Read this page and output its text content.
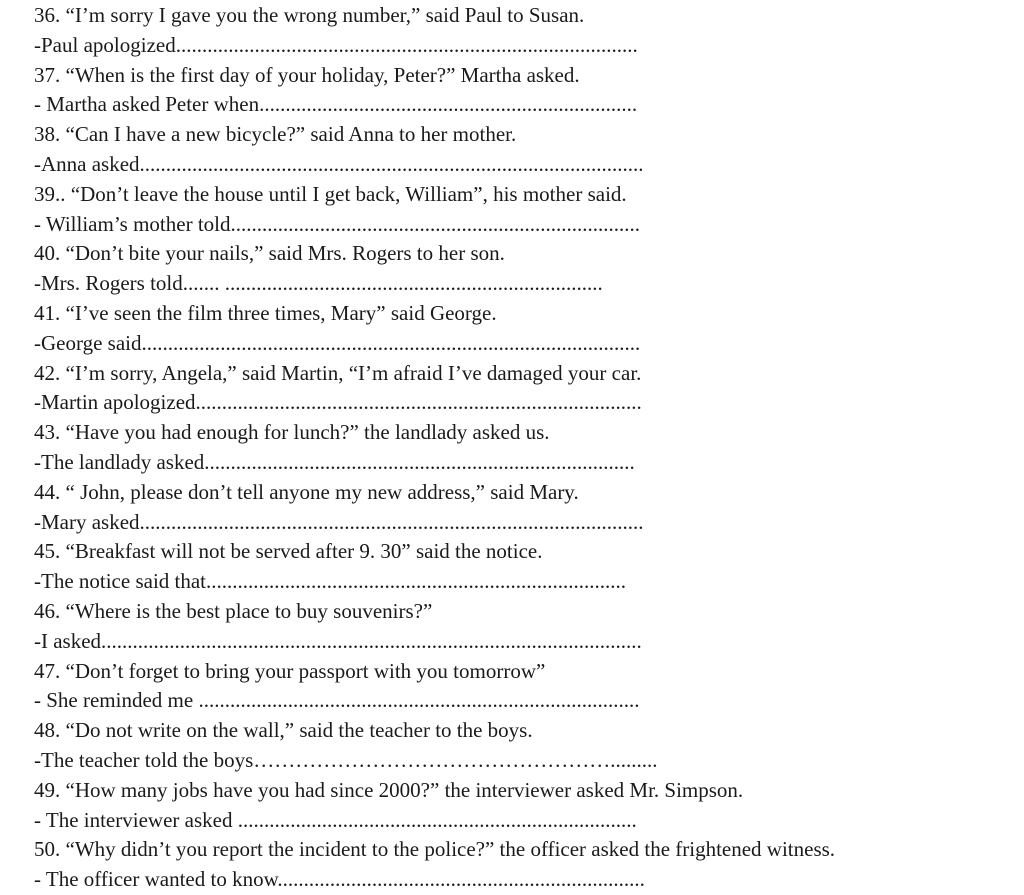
36. “I’m sorry I gave you the wrong number,” said Paul to Susan.
-Paul apologized........................................................................................
37. “When is the first day of your holiday, Peter?” Martha asked.
- Martha asked Peter when........................................................................
38. “Can I have a new bicycle?” said Anna to her mother.
-Anna asked................................................................................................
39.. “Don’t leave the house until I get back, William”, his mother said.
- William’s mother told..............................................................................
40. “Don’t bite your nails,” said Mrs. Rogers to her son.
-Mrs. Rogers told....... ........................................................................
41. “I’ve seen the film three times, Mary” said George.
-George said...............................................................................................
42. “I’m sorry, Angela,” said Martin, “I’m afraid I’ve damaged your car.
-Martin apologized.....................................................................................
43. “Have you had enough for lunch?” the landlady asked us.
-The landlady asked..................................................................................
44. “ John, please don’t tell anyone my new address,” said Mary.
-Mary asked................................................................................................
45. “Breakfast will not be served after 9. 30” said the notice.
-The notice said that................................................................................
46. “Where is the best place to buy souvenirs?”
-I asked.......................................................................................................
47. “Don’t forget to bring your passport with you tomorrow”
- She reminded me ....................................................................................
48. “Do not write on the wall,” said the teacher to the boys.
-The teacher told the boys…………………………………………….........
49. “How many jobs have you had since 2000?” the interviewer asked Mr. Simpson.
- The interviewer asked ............................................................................
50. “Why didn’t you report the incident to the police?” the officer asked the frightened witness.
- The officer wanted to know......................................................................
